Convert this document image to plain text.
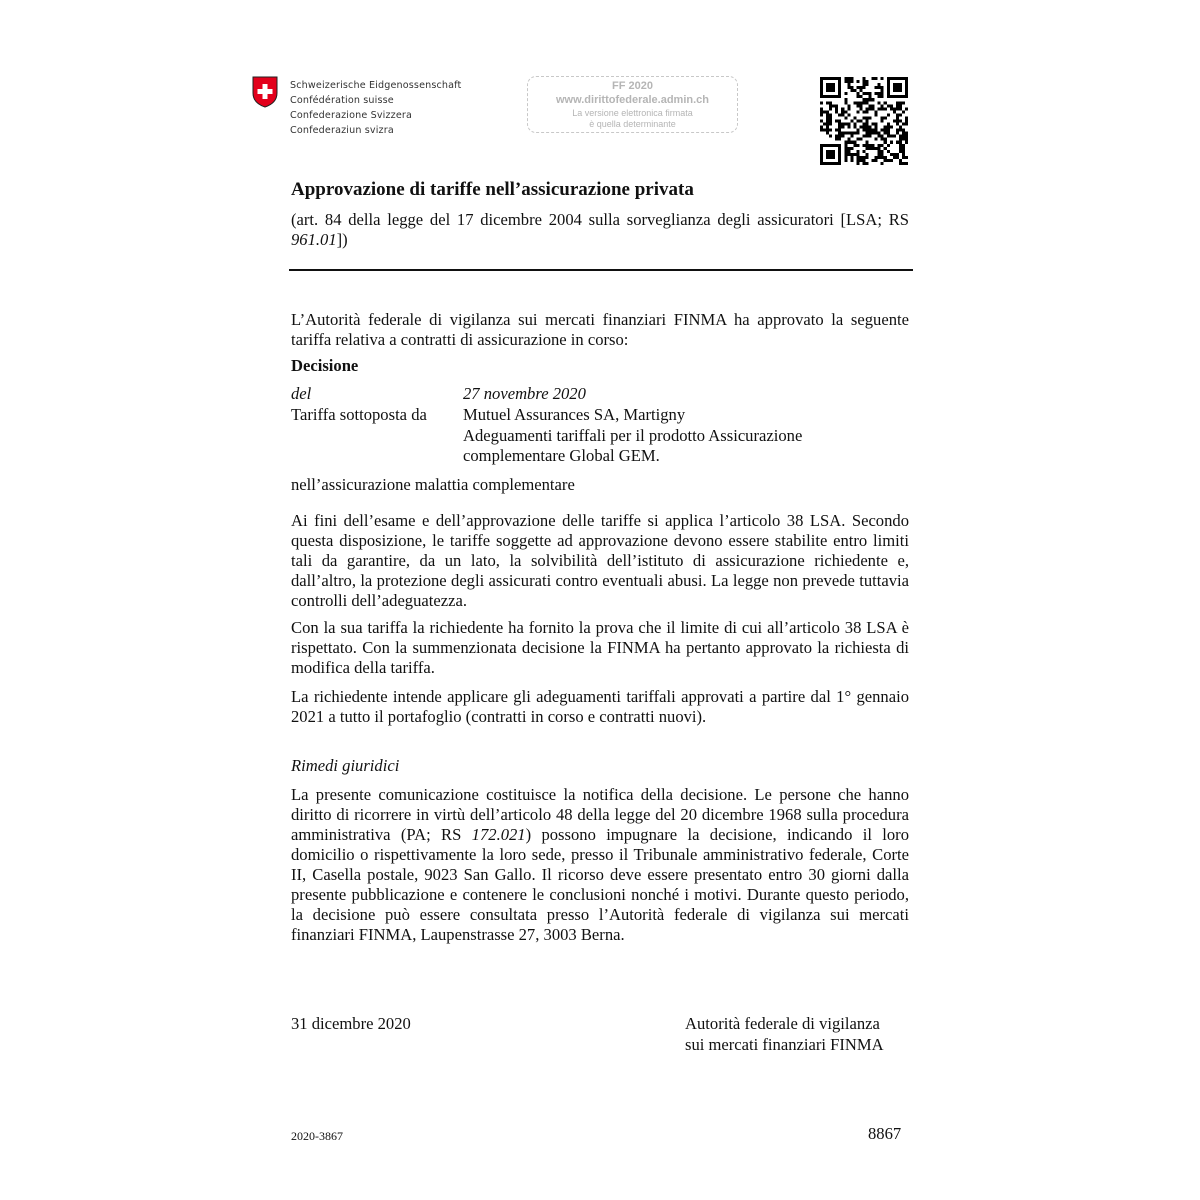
Schweizerische Eidgenossenschaft
Confédération suisse
Confederazione Svizzera
Confederaziun svizra
FF 2020
www.dirittofederale.admin.ch
La versione elettronica firmata
è quella determinante
Approvazione di tariffe nell’assicurazione privata
(art. 84 della legge del 17 dicembre 2004 sulla sorveglianza degli assicuratori [LSA; RS 961.01])
L’Autorità federale di vigilanza sui mercati finanziari FINMA ha approvato la seguente tariffa relativa a contratti di assicurazione in corso:
Decisione
del	27 novembre 2020
Tariffa sottoposta da Mutuel Assurances SA, Martigny
Adeguamenti tariffali per il prodotto Assicurazione complementare Global GEM.
nell’assicurazione malattia complementare
Ai fini dell’esame e dell’approvazione delle tariffe si applica l’articolo 38 LSA. Secondo questa disposizione, le tariffe soggette ad approvazione devono essere stabilite entro limiti tali da garantire, da un lato, la solvibilità dell’istituto di assicurazione richiedente e, dall’altro, la protezione degli assicurati contro eventuali abusi. La legge non prevede tuttavia controlli dell’adeguatezza.
Con la sua tariffa la richiedente ha fornito la prova che il limite di cui all’articolo 38 LSA è rispettato. Con la summenzionata decisione la FINMA ha pertanto approvato la richiesta di modifica della tariffa.
La richiedente intende applicare gli adeguamenti tariffali approvati a partire dal 1° gennaio 2021 a tutto il portafoglio (contratti in corso e contratti nuovi).
Rimedi giuridici
La presente comunicazione costituisce la notifica della decisione. Le persone che hanno diritto di ricorrere in virtù dell’articolo 48 della legge del 20 dicembre 1968 sulla procedura amministrativa (PA; RS 172.021) possono impugnare la decisione, indicando il loro domicilio o rispettivamente la loro sede, presso il Tribunale amministrativo federale, Corte II, Casella postale, 9023 San Gallo. Il ricorso deve essere presentato entro 30 giorni dalla presente pubblicazione e contenere le conclusioni nonché i motivi. Durante questo periodo, la decisione può essere consultata presso l’Autorità federale di vigilanza sui mercati finanziari FINMA, Laupenstrasse 27, 3003 Berna.
31 dicembre 2020	Autorità federale di vigilanza
sui mercati finanziari FINMA
2020-3867	8867
